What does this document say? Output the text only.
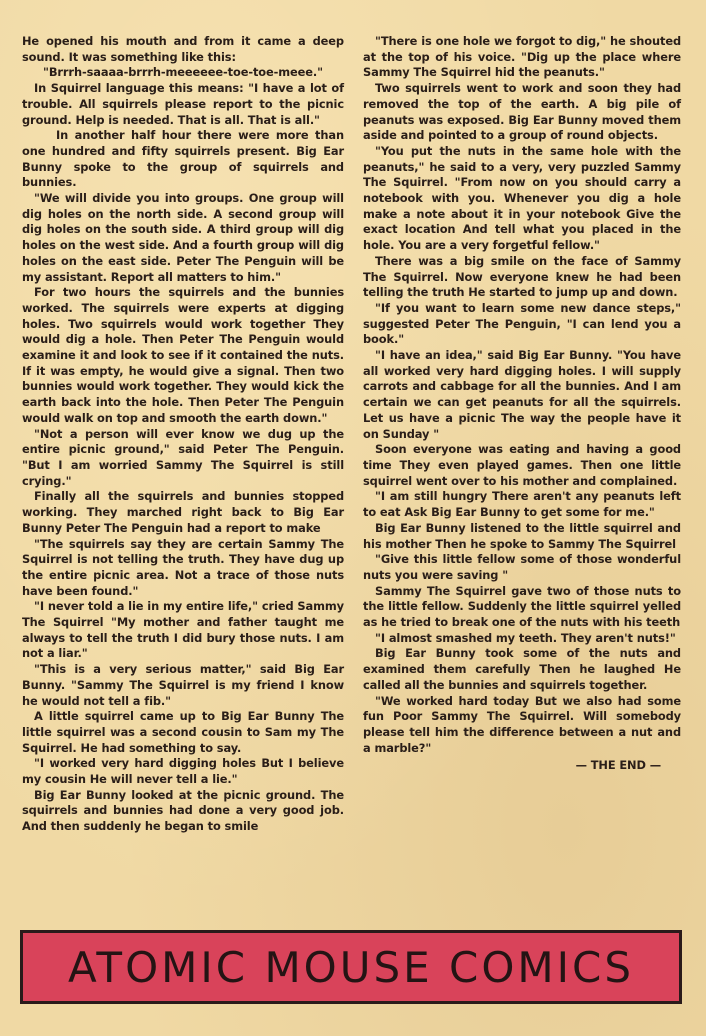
He opened his mouth and from it came a deep sound. It was something like this:

"Brrrh-saaaa-brrrh-meeeeee-toe-toe-meee."

In Squirrel language this means: "I have a lot of trouble. All squirrels please report to the picnic ground. Help is needed. That is all. That is all."

In another half hour there were more than one hundred and fifty squirrels present. Big Ear Bunny spoke to the group of squirrels and bunnies.

"We will divide you into groups. One group will dig holes on the north side. A second group will dig holes on the south side. A third group will dig holes on the west side. And a fourth group will dig holes on the east side. Peter The Penguin will be my assistant. Report all matters to him."

For two hours the squirrels and the bunnies worked. The squirrels were experts at digging holes. Two squirrels would work together They would dig a hole. Then Peter The Penguin would examine it and look to see if it contained the nuts. If it was empty, he would give a signal. Then two bunnies would work together. They would kick the earth back into the hole. Then Peter The Penguin would walk on top and smooth the earth down."

"Not a person will ever know we dug up the entire picnic ground," said Peter The Penguin. "But I am worried Sammy The Squirrel is still crying."

Finally all the squirrels and bunnies stopped working. They marched right back to Big Ear Bunny Peter The Penguin had a report to make

"The squirrels say they are certain Sammy The Squirrel is not telling the truth. They have dug up the entire picnic area. Not a trace of those nuts have been found."

"I never told a lie in my entire life," cried Sammy The Squirrel "My mother and father taught me always to tell the truth I did bury those nuts. I am not a liar."

"This is a very serious matter," said Big Ear Bunny. "Sammy The Squirrel is my friend I know he would not tell a fib."

A little squirrel came up to Big Ear Bunny The little squirrel was a second cousin to Sam my The Squirrel. He had something to say.

"I worked very hard digging holes But I believe my cousin He will never tell a lie."

Big Ear Bunny looked at the picnic ground. The squirrels and bunnies had done a very good job. And then suddenly he began to smile

"There is one hole we forgot to dig," he shouted at the top of his voice. "Dig up the place where Sammy The Squirrel hid the peanuts."

Two squirrels went to work and soon they had removed the top of the earth. A big pile of peanuts was exposed. Big Ear Bunny moved them aside and pointed to a group of round objects.

"You put the nuts in the same hole with the peanuts," he said to a very, very puzzled Sammy The Squirrel. "From now on you should carry a notebook with you. Whenever you dig a hole make a note about it in your notebook Give the exact location And tell what you placed in the hole. You are a very forgetful fellow."

There was a big smile on the face of Sammy The Squirrel. Now everyone knew he had been telling the truth He started to jump up and down.

"If you want to learn some new dance steps," suggested Peter The Penguin, "I can lend you a book."

"I have an idea," said Big Ear Bunny. "You have all worked very hard digging holes. I will supply carrots and cabbage for all the bunnies. And I am certain we can get peanuts for all the squirrels. Let us have a picnic The way the people have it on Sunday "

Soon everyone was eating and having a good time They even played games. Then one little squirrel went over to his mother and complained.

"I am still hungry There aren't any peanuts left to eat Ask Big Ear Bunny to get some for me."

Big Ear Bunny listened to the little squirrel and his mother Then he spoke to Sammy The Squirrel

"Give this little fellow some of those wonderful nuts you were saving "

Sammy The Squirrel gave two of those nuts to the little fellow. Suddenly the little squirrel yelled as he tried to break one of the nuts with his teeth

"I almost smashed my teeth. They aren't nuts!"

Big Ear Bunny took some of the nuts and examined them carefully Then he laughed He called all the bunnies and squirrels together.

"We worked hard today But we also had some fun Poor Sammy The Squirrel. Will somebody please tell him the difference between a nut and a marble?"

— THE END —

ATOMIC MOUSE COMICS
